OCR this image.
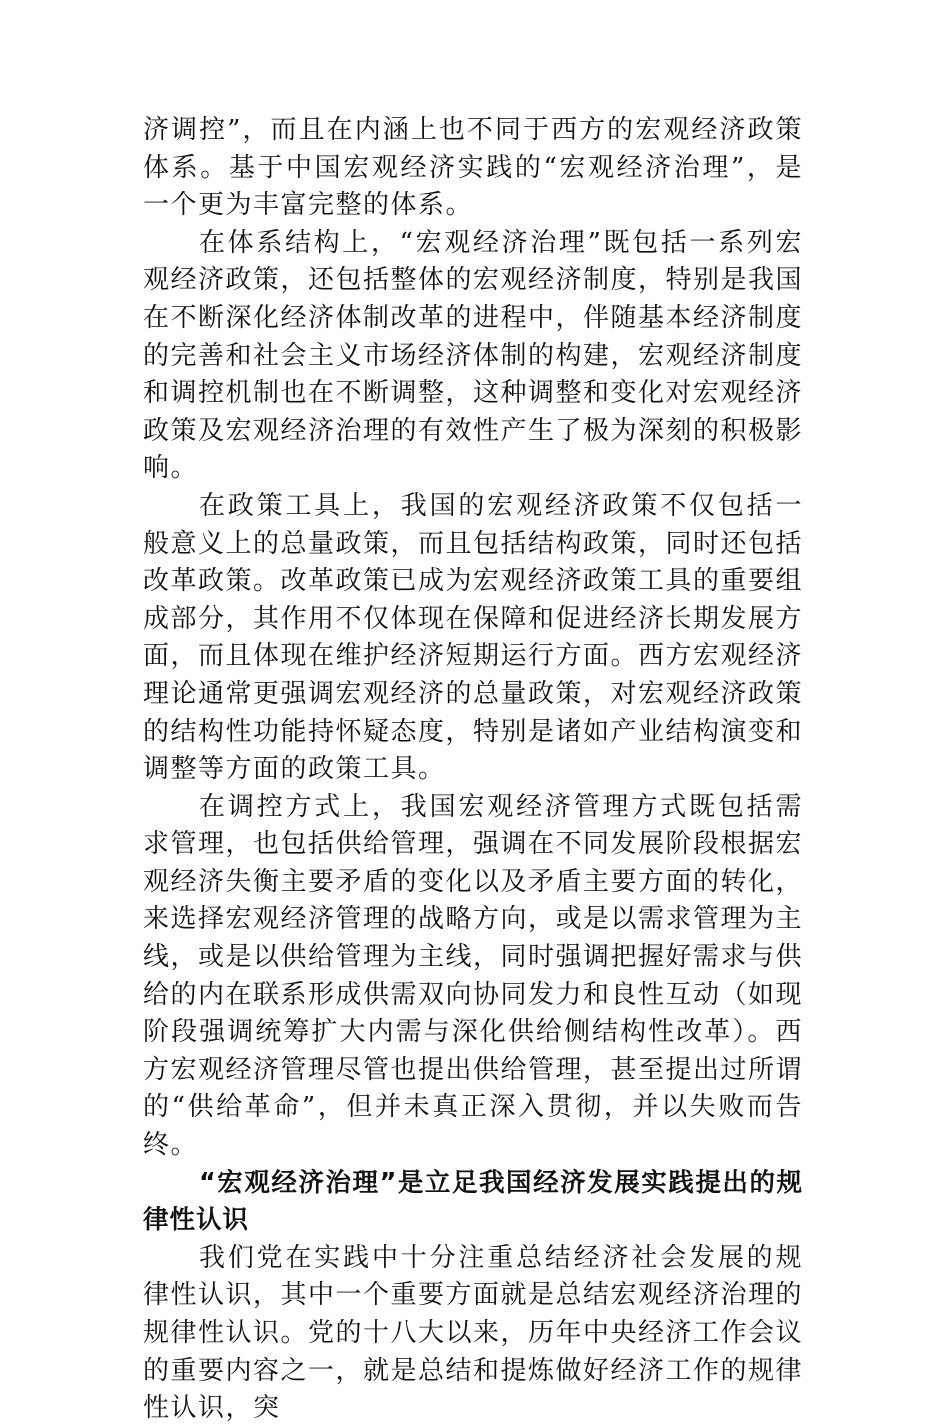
济调控”，而且在内涵上也不同于西方的宏观经济政策体系。基于中国宏观经济实践的“宏观经济治理”，是一个更为丰富完整的体系。

在体系结构上，“宏观经济治理”既包括一系列宏观经济政策，还包括整体的宏观经济制度，特别是我国在不断深化经济体制改革的进程中，伴随基本经济制度的完善和社会主义市场经济体制的构建，宏观经济制度和调控机制也在不断调整，这种调整和变化对宏观经济政策及宏观经济治理的有效性产生了极为深刻的积极影响。

在政策工具上，我国的宏观经济政策不仅包括一般意义上的总量政策，而且包括结构政策，同时还包括改革政策。改革政策已成为宏观经济政策工具的重要组成部分，其作用不仅体现在保障和促进经济长期发展方面，而且体现在维护经济短期运行方面。西方宏观经济理论通常更强调宏观经济的总量政策，对宏观经济政策的结构性功能持怀疑态度，特别是诸如产业结构演变和调整等方面的政策工具。

在调控方式上，我国宏观经济管理方式既包括需求管理，也包括供给管理，强调在不同发展阶段根据宏观经济失衡主要矛盾的变化以及矛盾主要方面的转化，来选择宏观经济管理的战略方向，或是以需求管理为主线，或是以供给管理为主线，同时强调把握好需求与供给的内在联系形成供需双向协同发力和良性互动（如现阶段强调统筹扩大内需与深化供给侧结构性改革）。西方宏观经济管理尽管也提出供给管理，甚至提出过所谓的“供给革命”，但并未真正深入贯彻，并以失败而告终。

“宏观经济治理”是立足我国经济发展实践提出的规律性认识

我们党在实践中十分注重总结经济社会发展的规律性认识，其中一个重要方面就是总结宏观经济治理的规律性认识。党的十八大以来，历年中央经济工作会议的重要内容之一，就是总结和提炼做好经济工作的规律性认识，突
